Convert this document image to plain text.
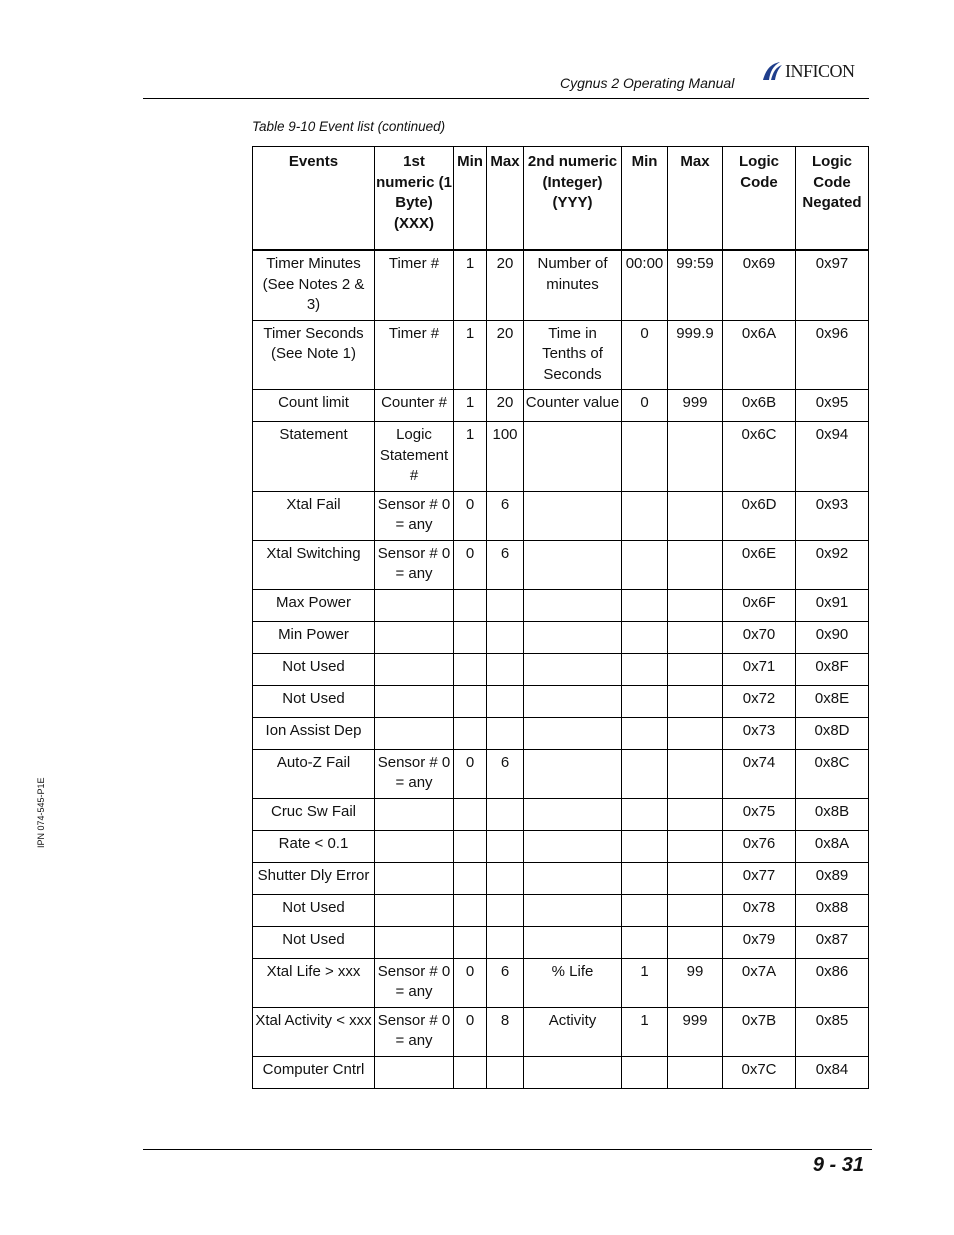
Cygnus 2 Operating Manual
INFICON
Table 9-10 Event list (continued)
IPN 074-545-P1E
Events	1st numeric (1 Byte) (XXX)	Min	Max	2nd numeric (Integer) (YYY)	Min	Max	Logic Code	Logic Code Negated
Timer Minutes (See Notes 2 & 3)	Timer #	1	20	Number of minutes	00:00	99:59	0x69	0x97
Timer Seconds (See Note 1)	Timer #	1	20	Time in Tenths of Seconds	0	999.9	0x6A	0x96
Count limit	Counter #	1	20	Counter value	0	999	0x6B	0x95
Statement	Logic Statement #	1	100				0x6C	0x94
Xtal Fail	Sensor # 0 = any	0	6				0x6D	0x93
Xtal Switching	Sensor # 0 = any	0	6				0x6E	0x92
Max Power							0x6F	0x91
Min Power							0x70	0x90
Not Used							0x71	0x8F
Not Used							0x72	0x8E
Ion Assist Dep							0x73	0x8D
Auto-Z Fail	Sensor # 0 = any	0	6				0x74	0x8C
Cruc Sw Fail							0x75	0x8B
Rate < 0.1							0x76	0x8A
Shutter Dly Error							0x77	0x89
Not Used							0x78	0x88
Not Used							0x79	0x87
Xtal Life > xxx	Sensor # 0 = any	0	6	% Life	1	99	0x7A	0x86
Xtal Activity < xxx	Sensor # 0 = any	0	8	Activity	1	999	0x7B	0x85
Computer Cntrl							0x7C	0x84
9 - 31
